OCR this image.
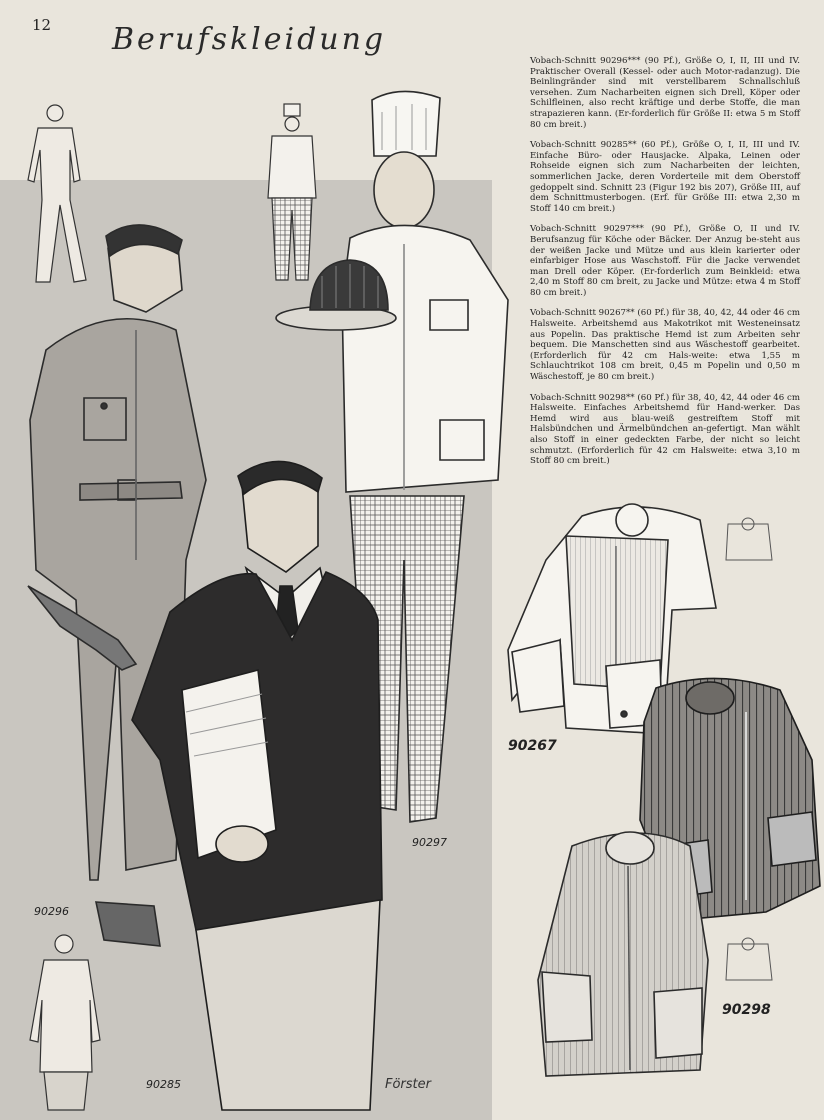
12 Berufskleidung

Vobach-Schnitt 90296*** (90 Pf.), Größe O, I, II, III und IV. Praktischer Overall (Kessel- oder auch Motor-radanzug). Die Beinlingränder sind mit verstellbarem Schnallschluß versehen. Zum Nacharbeiten eignen sich Drell, Köper oder Schilfleinen, also recht kräftige und derbe Stoffe, die man strapazieren kann. (Er-forderlich für Größe II: etwa 5 m Stoff 80 cm breit.)

Vobach-Schnitt 90285** (60 Pf.), Größe O, I, II, III und IV. Einfache Büro- oder Hausjacke. Alpaka, Leinen oder Rohseide eignen sich zum Nacharbeiten der leichten, sommerlichen Jacke, deren Vorderteile mit dem Oberstoff gedoppelt sind. Schnitt 23 (Figur 192 bis 207), Größe III, auf dem Schnittmusterbogen. (Erf. für Größe III: etwa 2,30 m Stoff 140 cm breit.)

Vobach-Schnitt 90297*** (90 Pf.), Größe O, II und IV. Berufsanzug für Köche oder Bäcker. Der Anzug be-steht aus der weißen Jacke und Mütze und aus klein karierter oder einfarbiger Hose aus Waschstoff. Für die Jacke verwendet man Drell oder Köper. (Er-forderlich zum Beinkleid: etwa 2,40 m Stoff 80 cm breit, zu Jacke und Mütze: etwa 4 m Stoff 80 cm breit.)

Vobach-Schnitt 90267** (60 Pf.) für 38, 40, 42, 44 oder 46 cm Halsweite. Arbeitshemd aus Makotrikot mit Westeneinsatz aus Popelin. Das praktische Hemd ist zum Arbeiten sehr bequem. Die Manschetten sind aus Wäschestoff gearbeitet. (Erforderlich für 42 cm Hals-weite: etwa 1,55 m Schlauchtrikot 108 cm breit, 0,45 m Popelin und 0,50 m Wäschestoff, je 80 cm breit.)

Vobach-Schnitt 90298** (60 Pf.) für 38, 40, 42, 44 oder 46 cm Halsweite. Einfaches Arbeitshemd für Hand-werker. Das Hemd wird aus blau-weiß gestreiftem Stoff mit Halsbündchen und Ärmelbündchen an-gefertigt. Man wählt also Stoff in einer gedeckten Farbe, der nicht so leicht schmutzt. (Erforderlich für 42 cm Halsweite: etwa 3,10 m Stoff 80 cm breit.)

90296
90285
90297
90267
90298
Förster
